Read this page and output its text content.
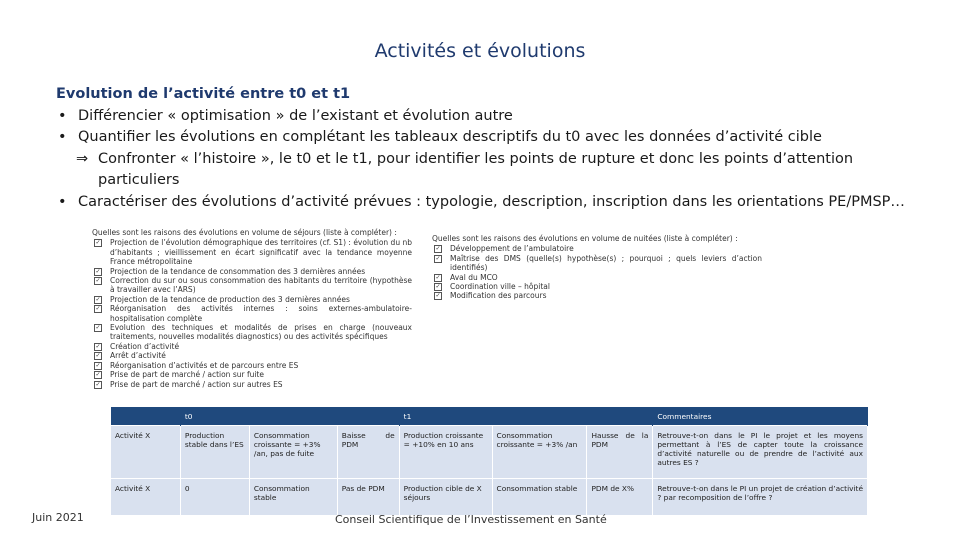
Activités et évolutions
Evolution de l’activité entre t0 et t1
• Différencier « optimisation » de l’existant et évolution autre
• Quantifier les évolutions en complétant les tableaux descriptifs du t0 avec les données d’activité cible
⇒ Confronter « l’histoire », le t0 et le t1, pour identifier les points de rupture et donc les points d’attention particuliers
• Caractériser des évolutions d’activité prévues : typologie, description, inscription dans les orientations PE/PMSP…
Quelles sont les raisons des évolutions en volume de séjours (liste à compléter) :
✓ Projection de l’évolution démographique des territoires (cf. S1) : évolution du nb d’habitants ; vieillissement en écart significatif avec la tendance moyenne France métropolitaine
✓ Projection de la tendance de consommation des 3 dernières années
✓ Correction du sur ou sous consommation des habitants du territoire (hypothèse à travailler avec l’ARS)
✓ Projection de la tendance de production des 3 dernières années
✓ Réorganisation des activités internes : soins externes-ambulatoire-hospitalisation complète
✓ Evolution des techniques et modalités de prises en charge (nouveaux traitements, nouvelles modalités diagnostics) ou des activités spécifiques
✓ Création d’activité
✓ Arrêt d’activité
✓ Réorganisation d’activités et de parcours entre ES
✓ Prise de part de marché / action sur fuite
✓ Prise de part de marché / action sur autres ES
Quelles sont les raisons des évolutions en volume de nuitées (liste à compléter) :
✓ Développement de l’ambulatoire
✓ Maîtrise des DMS (quelle(s) hypothèse(s) ; pourquoi ; quels leviers d’action identifiés)
✓ Aval du MCO
✓ Coordination ville – hôpital
✓ Modification des parcours
	t0			t1			Commentaires
Activité X	Production stable dans l’ES	Consommation croissante = +3% /an, pas de fuite	Baisse de PDM	Production croissante = +10% en 10 ans	Consommation croissante = +3% /an	Hausse de la PDM	Retrouve-t-on dans le PI le projet et les moyens permettant à l’ES de capter toute la croissance d’activité naturelle ou de prendre de l’activité aux autres ES ?
Activité X	0	Consommation stable	Pas de PDM	Production cible de X séjours	Consommation stable	PDM de X%	Retrouve-t-on dans le PI un projet de création d’activité ? par recomposition de l’offre ?
Juin 2021	Conseil Scientifique de l’Investissement en Santé
